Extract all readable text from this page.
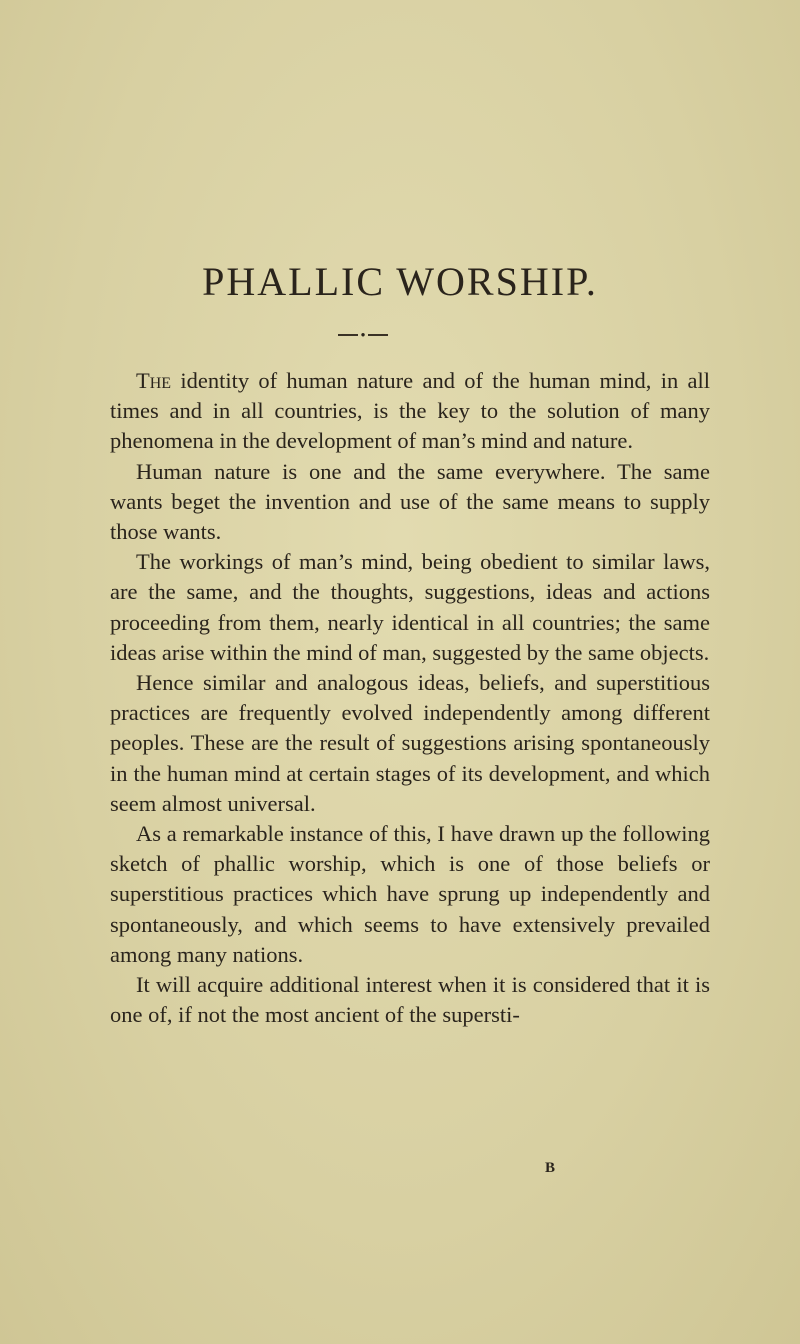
PHALLIC WORSHIP.
●

The identity of human nature and of the human mind, in all times and in all countries, is the key to the solution of many phenomena in the development of man’s mind and nature.

Human nature is one and the same everywhere. The same wants beget the invention and use of the same means to supply those wants.

The workings of man’s mind, being obedient to similar laws, are the same, and the thoughts, suggestions, ideas and actions proceeding from them, nearly identical in all countries; the same ideas arise within the mind of man, suggested by the same objects.

Hence similar and analogous ideas, beliefs, and superstitious practices are frequently evolved independently among different peoples. These are the result of suggestions arising spontaneously in the human mind at certain stages of its development, and which seem almost universal.

As a remarkable instance of this, I have drawn up the following sketch of phallic worship, which is one of those beliefs or superstitious practices which have sprung up independently and spontaneously, and which seems to have extensively prevailed among many nations.

It will acquire additional interest when it is considered that it is one of, if not the most ancient of the supersti-

B
